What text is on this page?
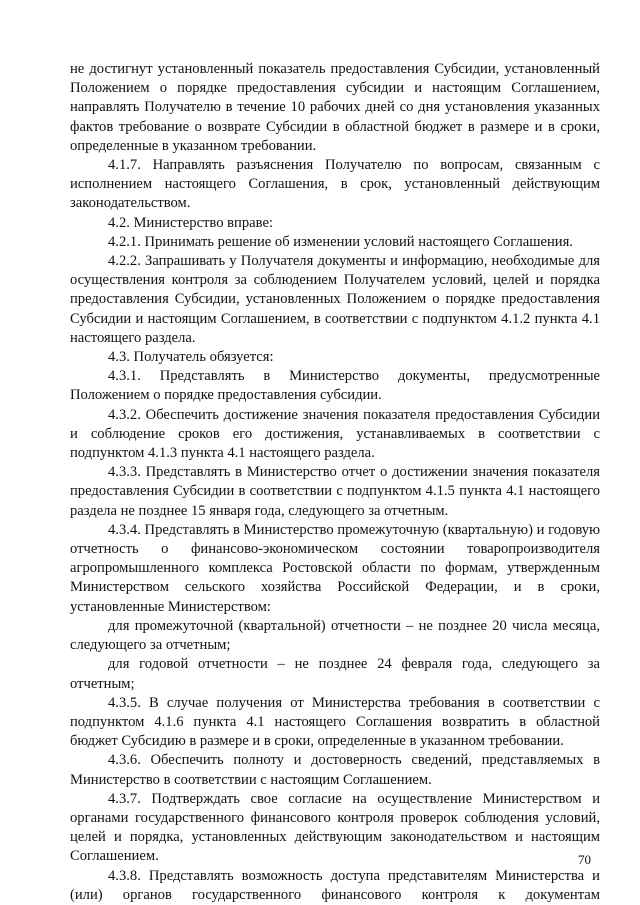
не достигнут установленный показатель предоставления Субсидии, установленный Положением о порядке предоставления субсидии и настоящим Соглашением, направлять Получателю в течение 10 рабочих дней со дня установления указанных фактов требование о возврате Субсидии в областной бюджет в размере и в сроки, определенные в указанном требовании.

4.1.7. Направлять разъяснения Получателю по вопросам, связанным с исполнением настоящего Соглашения, в срок, установленный действующим законодательством.

4.2. Министерство вправе:

4.2.1. Принимать решение об изменении условий настоящего Соглашения.

4.2.2. Запрашивать у Получателя документы и информацию, необходимые для осуществления контроля за соблюдением Получателем условий, целей и порядка предоставления Субсидии, установленных Положением о порядке предоставления Субсидии и настоящим Соглашением, в соответствии с подпунктом 4.1.2 пункта 4.1 настоящего раздела.

4.3. Получатель обязуется:

4.3.1. Представлять в Министерство документы, предусмотренные Положением о порядке предоставления субсидии.

4.3.2. Обеспечить достижение значения показателя предоставления Субсидии и соблюдение сроков его достижения, устанавливаемых в соответствии с подпунктом 4.1.3 пункта 4.1 настоящего раздела.

4.3.3. Представлять в Министерство отчет о достижении значения показателя предоставления Субсидии в соответствии с подпунктом 4.1.5 пункта 4.1 настоящего раздела не позднее 15 января года, следующего за отчетным.

4.3.4. Представлять в Министерство промежуточную (квартальную) и годовую отчетность о финансово-экономическом состоянии товаропроизводителя агропромышленного комплекса Ростовской области по формам, утвержденным Министерством сельского хозяйства Российской Федерации, и в сроки, установленные Министерством:

для промежуточной (квартальной) отчетности – не позднее 20 числа месяца, следующего за отчетным;

для годовой отчетности – не позднее 24 февраля года, следующего за отчетным;

4.3.5. В случае получения от Министерства требования в соответствии с подпунктом 4.1.6 пункта 4.1 настоящего Соглашения возвратить в областной бюджет Субсидию в размере и в сроки, определенные в указанном требовании.

4.3.6. Обеспечить полноту и достоверность сведений, представляемых в Министерство в соответствии с настоящим Соглашением.

4.3.7. Подтверждать свое согласие на осуществление Министерством и органами государственного финансового контроля проверок соблюдения условий, целей и порядка, установленных действующим законодательством и настоящим Соглашением.

4.3.8. Представлять возможность доступа представителям Министерства и (или) органов государственного финансового контроля к документам

70
